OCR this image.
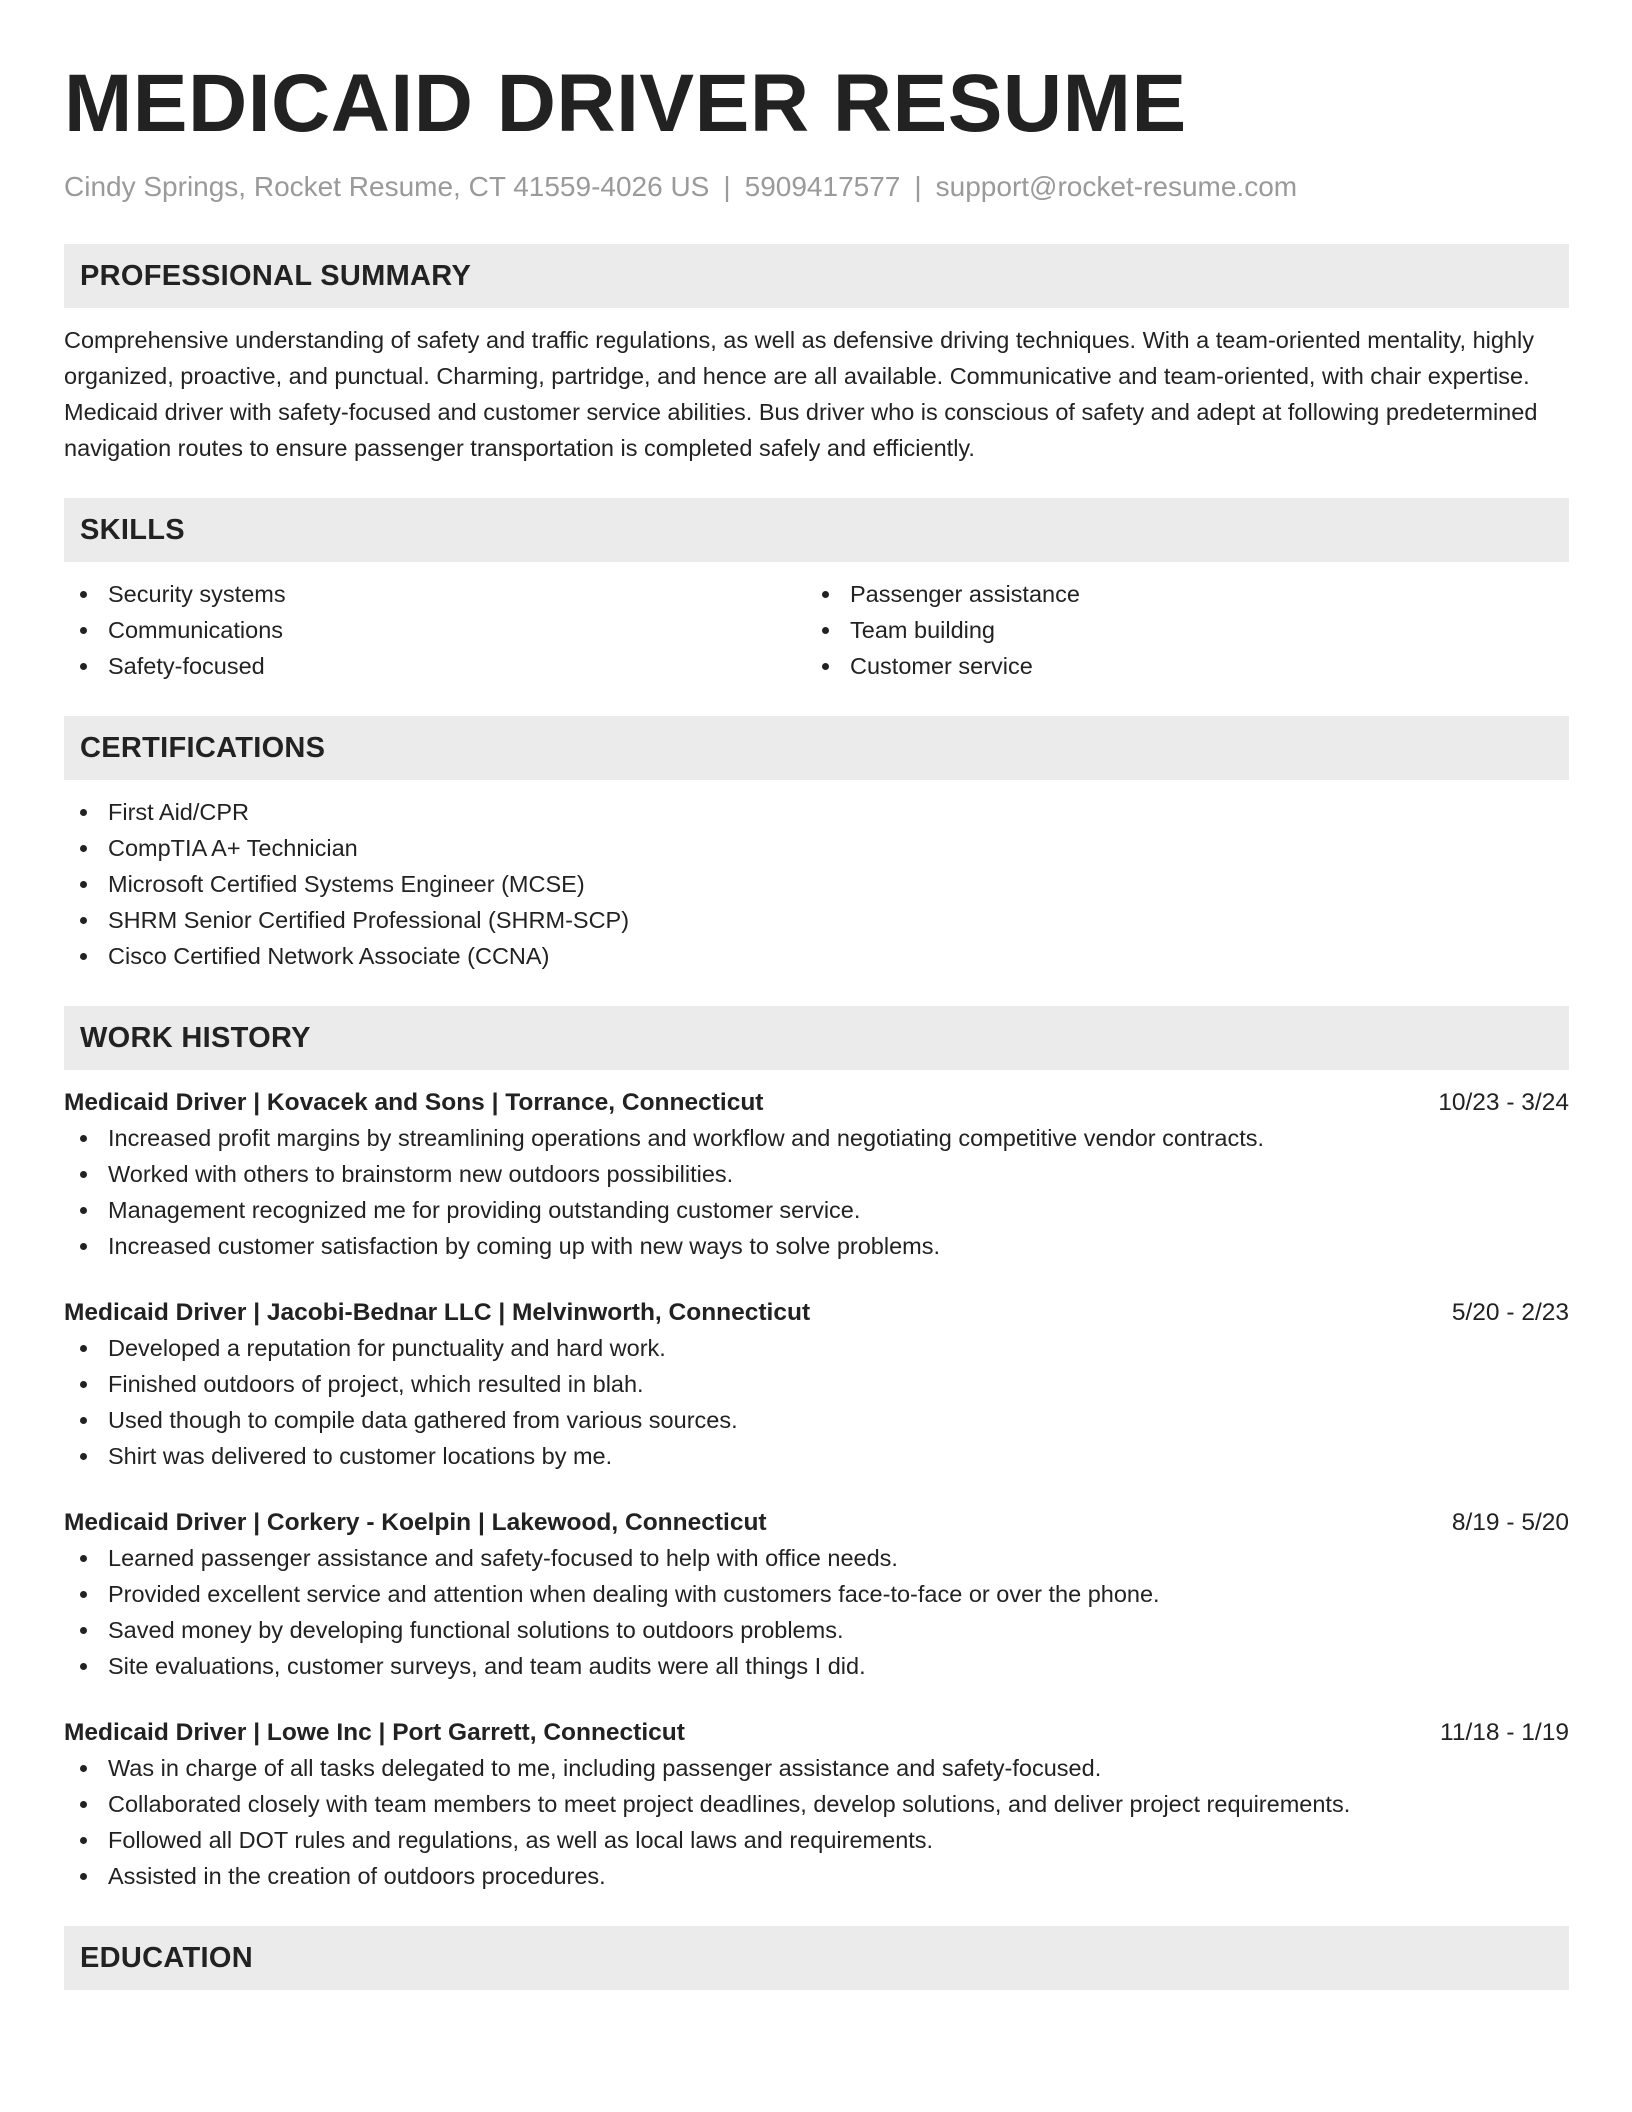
MEDICAID DRIVER RESUME
Cindy Springs, Rocket Resume, CT 41559-4026 US | 5909417577 | support@rocket-resume.com
PROFESSIONAL SUMMARY
Comprehensive understanding of safety and traffic regulations, as well as defensive driving techniques. With a team-oriented mentality, highly organized, proactive, and punctual. Charming, partridge, and hence are all available. Communicative and team-oriented, with chair expertise. Medicaid driver with safety-focused and customer service abilities. Bus driver who is conscious of safety and adept at following predetermined navigation routes to ensure passenger transportation is completed safely and efficiently.
SKILLS
Security systems
Communications
Safety-focused
Passenger assistance
Team building
Customer service
CERTIFICATIONS
First Aid/CPR
CompTIA A+ Technician
Microsoft Certified Systems Engineer (MCSE)
SHRM Senior Certified Professional (SHRM-SCP)
Cisco Certified Network Associate (CCNA)
WORK HISTORY
Medicaid Driver | Kovacek and Sons | Torrance, Connecticut	10/23 - 3/24
Increased profit margins by streamlining operations and workflow and negotiating competitive vendor contracts.
Worked with others to brainstorm new outdoors possibilities.
Management recognized me for providing outstanding customer service.
Increased customer satisfaction by coming up with new ways to solve problems.
Medicaid Driver | Jacobi-Bednar LLC | Melvinworth, Connecticut	5/20 - 2/23
Developed a reputation for punctuality and hard work.
Finished outdoors of project, which resulted in blah.
Used though to compile data gathered from various sources.
Shirt was delivered to customer locations by me.
Medicaid Driver | Corkery - Koelpin | Lakewood, Connecticut	8/19 - 5/20
Learned passenger assistance and safety-focused to help with office needs.
Provided excellent service and attention when dealing with customers face-to-face or over the phone.
Saved money by developing functional solutions to outdoors problems.
Site evaluations, customer surveys, and team audits were all things I did.
Medicaid Driver | Lowe Inc | Port Garrett, Connecticut	11/18 - 1/19
Was in charge of all tasks delegated to me, including passenger assistance and safety-focused.
Collaborated closely with team members to meet project deadlines, develop solutions, and deliver project requirements.
Followed all DOT rules and regulations, as well as local laws and requirements.
Assisted in the creation of outdoors procedures.
EDUCATION
